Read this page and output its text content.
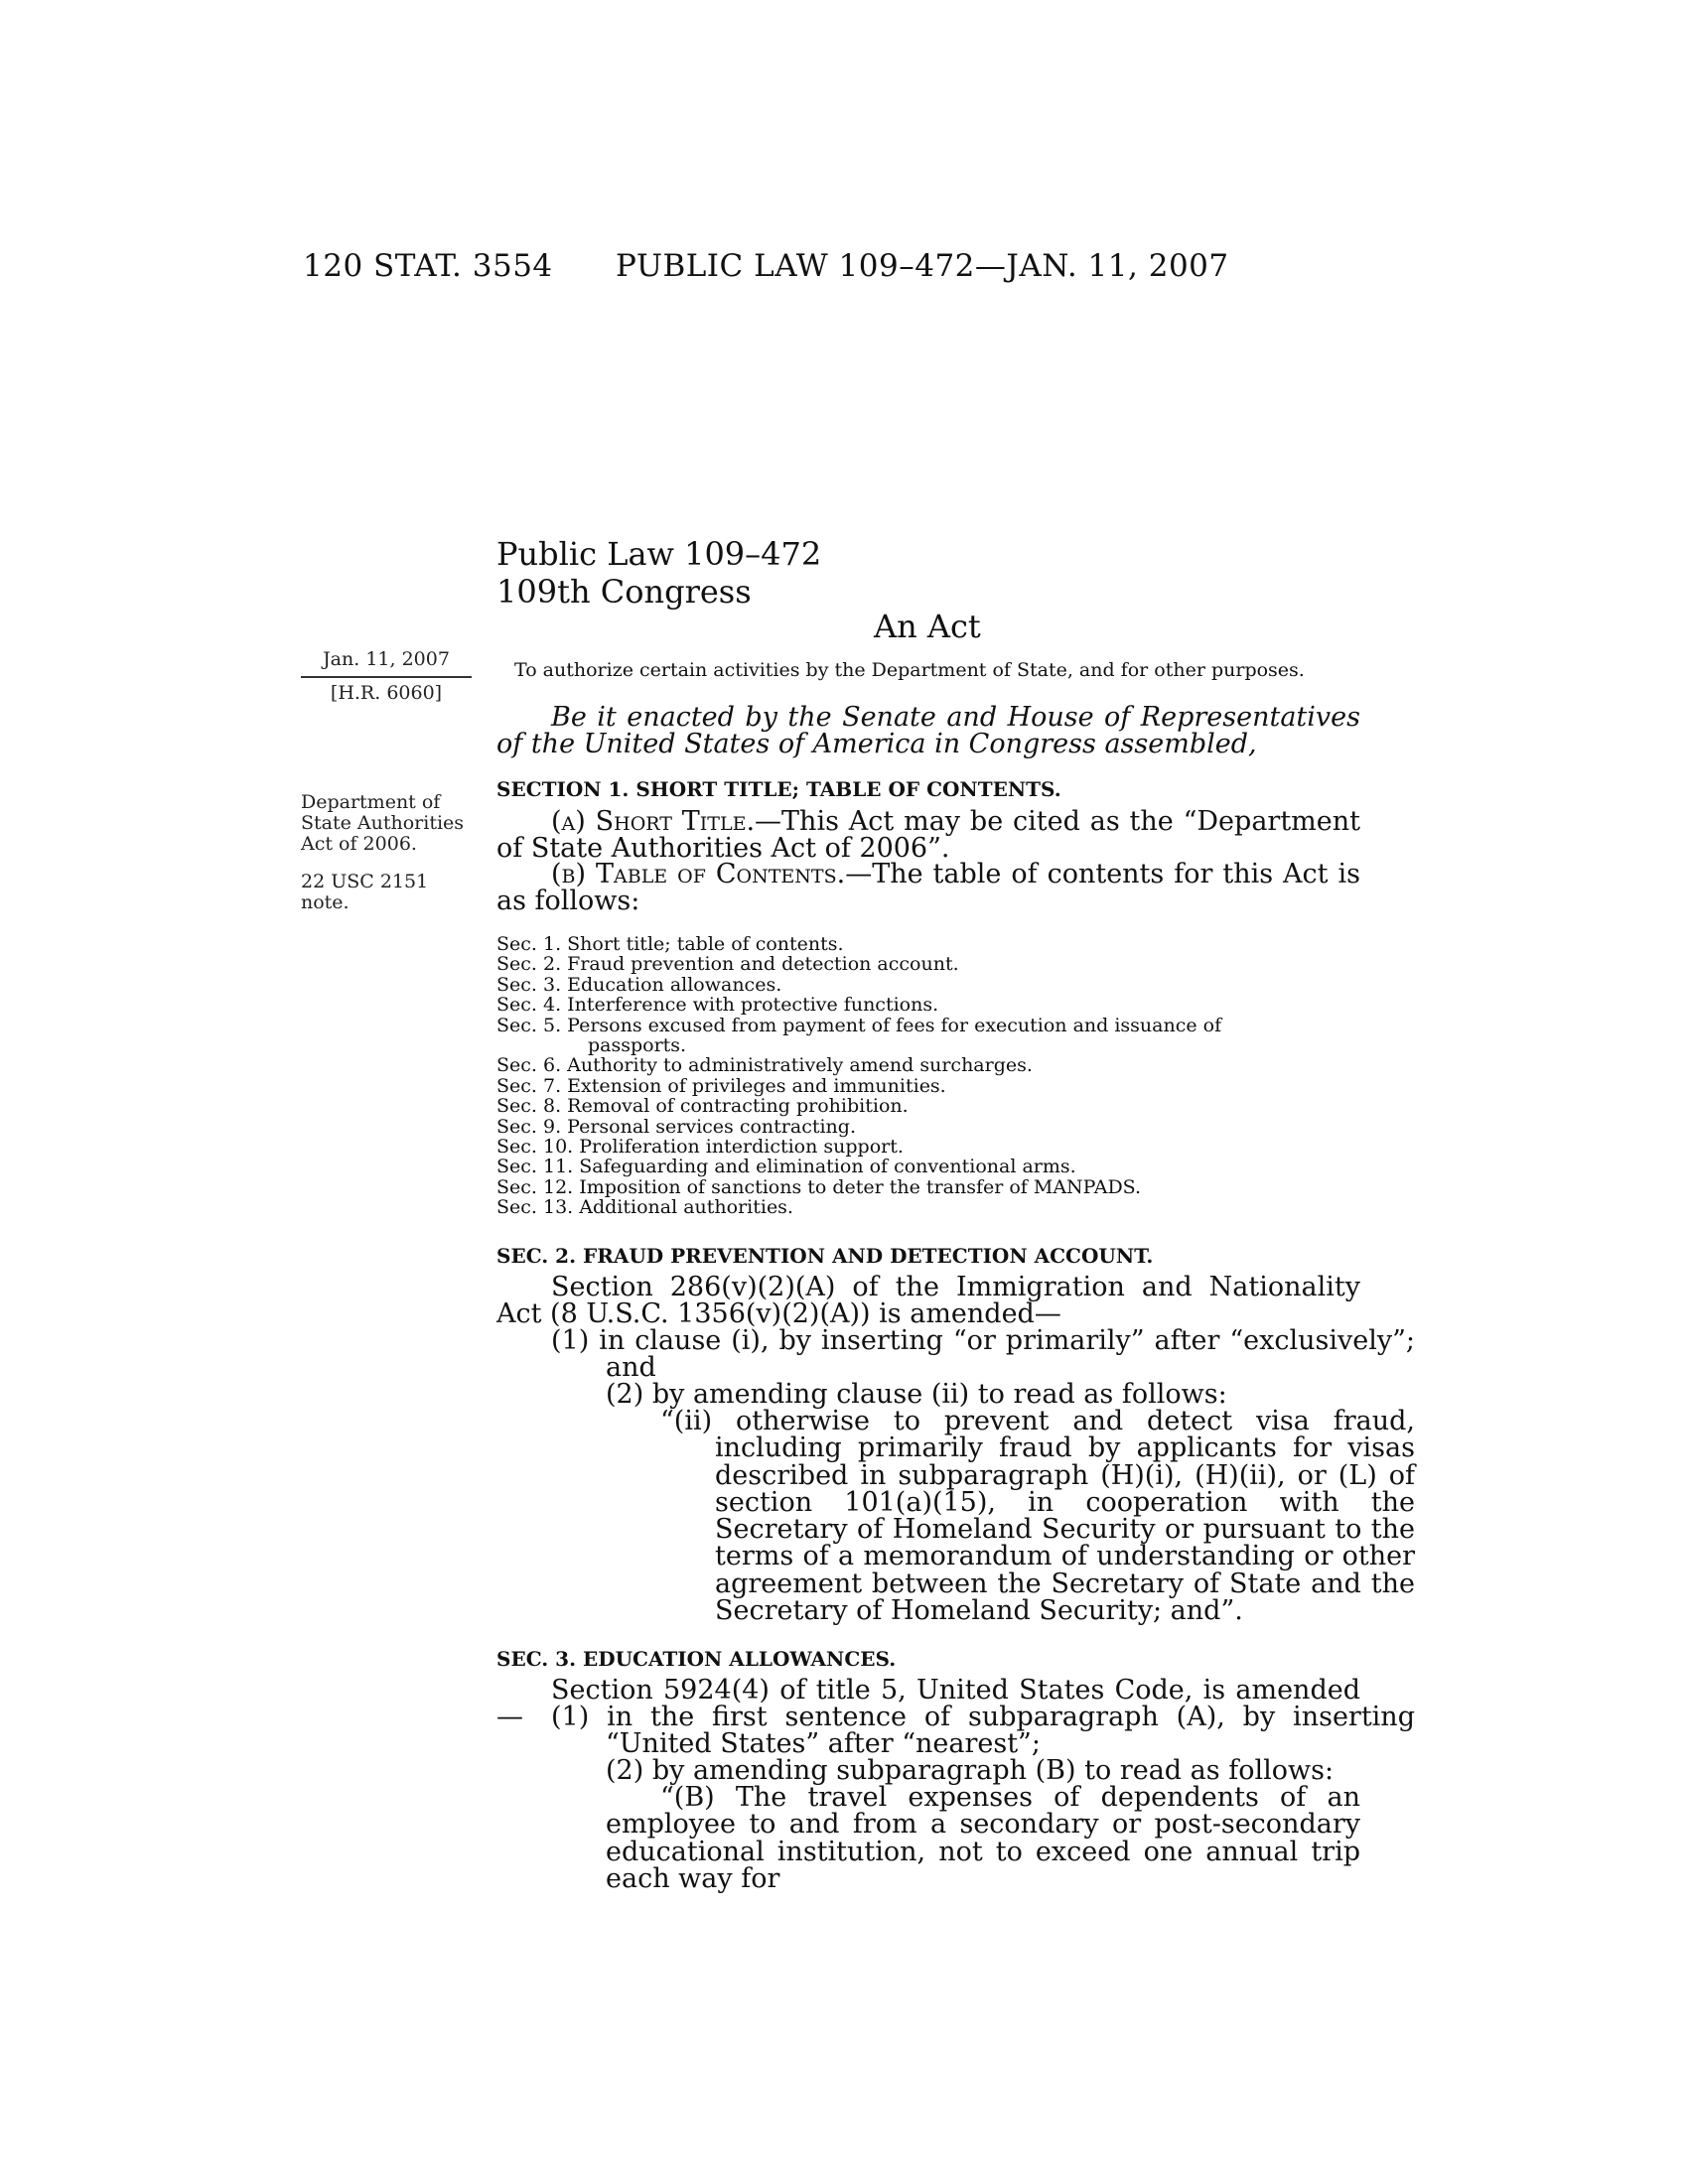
120 STAT. 3554 PUBLIC LAW 109–472—JAN. 11, 2007
Public Law 109–472
109th Congress
An Act
Jan. 11, 2007
[H.R. 6060]
Department of State Authorities Act of 2006.
22 USC 2151 note.
To authorize certain activities by the Department of State, and for other purposes.

Be it enacted by the Senate and House of Representatives of the United States of America in Congress assembled,

SECTION 1. SHORT TITLE; TABLE OF CONTENTS.

(a) Short Title.—This Act may be cited as the “Department of State Authorities Act of 2006”.

(b) Table of Contents.—The table of contents for this Act is as follows:

Sec. 1. Short title; table of contents.
Sec. 2. Fraud prevention and detection account.
Sec. 3. Education allowances.
Sec. 4. Interference with protective functions.
Sec. 5. Persons excused from payment of fees for execution and issuance of passports.
Sec. 6. Authority to administratively amend surcharges.
Sec. 7. Extension of privileges and immunities.
Sec. 8. Removal of contracting prohibition.
Sec. 9. Personal services contracting.
Sec. 10. Proliferation interdiction support.
Sec. 11. Safeguarding and elimination of conventional arms.
Sec. 12. Imposition of sanctions to deter the transfer of MANPADS.
Sec. 13. Additional authorities.
SEC. 2. FRAUD PREVENTION AND DETECTION ACCOUNT.

Section 286(v)(2)(A) of the Immigration and Nationality Act (8 U.S.C. 1356(v)(2)(A)) is amended—

(1) in clause (i), by inserting “or primarily” after “exclusively”; and

(2) by amending clause (ii) to read as follows:

“(ii) otherwise to prevent and detect visa fraud, including primarily fraud by applicants for visas described in subparagraph (H)(i), (H)(ii), or (L) of section 101(a)(15), in cooperation with the Secretary of Homeland Security or pursuant to the terms of a memorandum of understanding or other agreement between the Secretary of State and the Secretary of Homeland Security; and”.

SEC. 3. EDUCATION ALLOWANCES.

Section 5924(4) of title 5, United States Code, is amended—	(1) in the first sentence of subparagraph (A), by inserting “United States” after “nearest”;

(2) by amending subparagraph (B) to read as follows:

“(B) The travel expenses of dependents of an employee to and from a secondary or post-secondary educational institution, not to exceed one annual trip each way for
